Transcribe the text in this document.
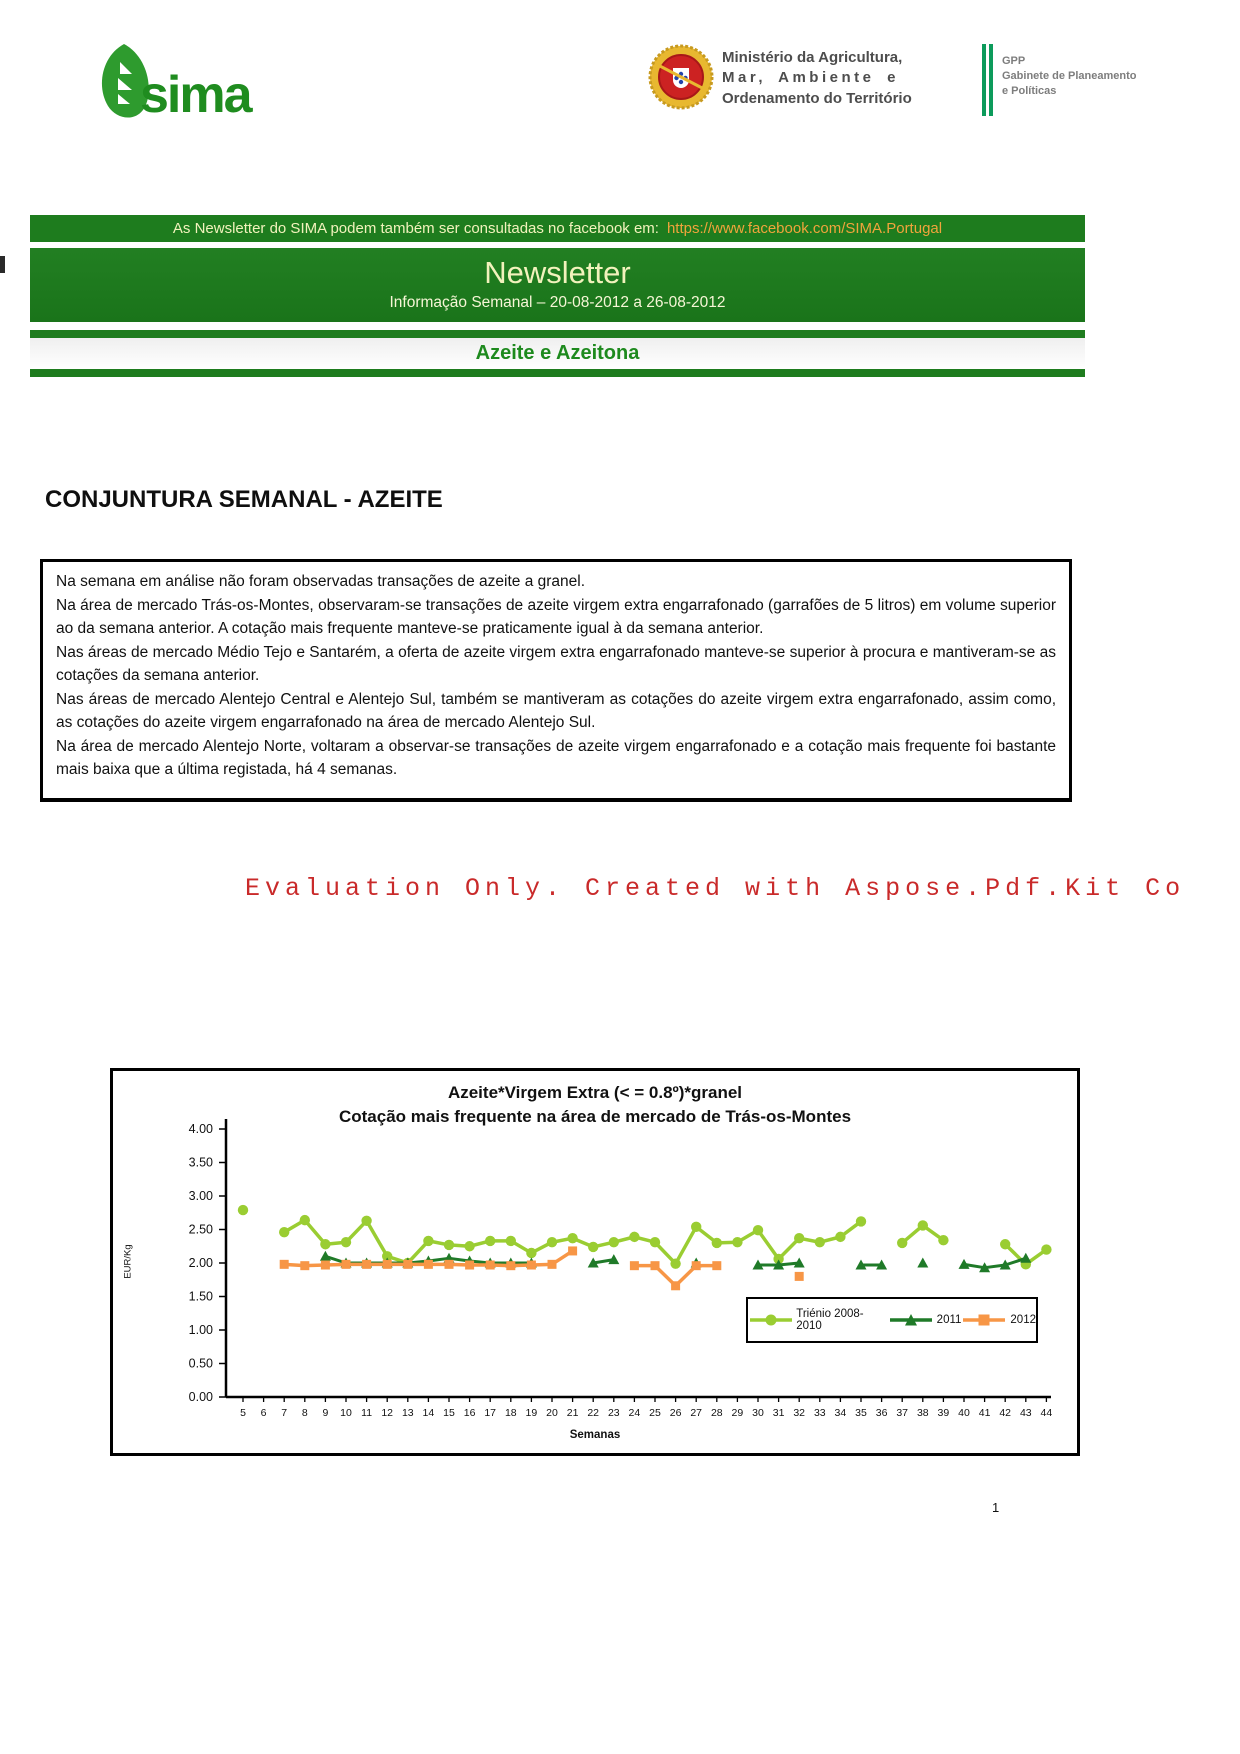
sima
Ministério da Agricultura,
Mar, Ambiente e
Ordenamento do Território
GPP
Gabinete de Planeamento
e Políticas
As Newsletter do SIMA podem também ser consultadas no facebook em: https://www.facebook.com/SIMA.Portugal
Newsletter
Informação Semanal – 20-08-2012 a 26-08-2012
Azeite e Azeitona
CONJUNTURA SEMANAL - AZEITE
Na semana em análise não foram observadas transações de azeite a granel.
Na área de mercado Trás-os-Montes, observaram-se transações de azeite virgem extra engarrafonado (garrafões de 5 litros) em volume superior ao da semana anterior. A cotação mais frequente manteve-se praticamente igual à da semana anterior.
Nas áreas de mercado Médio Tejo e Santarém, a oferta de azeite virgem extra engarrafonado manteve-se superior à procura e mantiveram-se as cotações da semana anterior.
Nas áreas de mercado Alentejo Central e Alentejo Sul, também se mantiveram as cotações do azeite virgem extra engarrafonado, assim como, as cotações do azeite virgem engarrafonado na área de mercado Alentejo Sul.
Na área de mercado Alentejo Norte, voltaram a observar-se transações de azeite virgem engarrafonado e a cotação mais frequente foi bastante mais baixa que a última registada, há 4 semanas.
Evaluation Only. Created with Aspose.Pdf.Kit Co
Azeite*Virgem Extra (< = 0.8º)*granel
Cotação mais frequente na área de mercado de Trás-os-Montes
EUR/Kg
4.00
3.50
3.00
2.50
2.00
1.50
1.00
0.50
0.00
5 6 7 8 9 10 11 12 13 14 15 16 17 18 19 20 21 22 23 24 25 26 27 28 29 30 31 32 33 34 35 36 37 38 39 40 41 42 43 44
Semanas
Triénio 2008-2010	2011	2012
1
